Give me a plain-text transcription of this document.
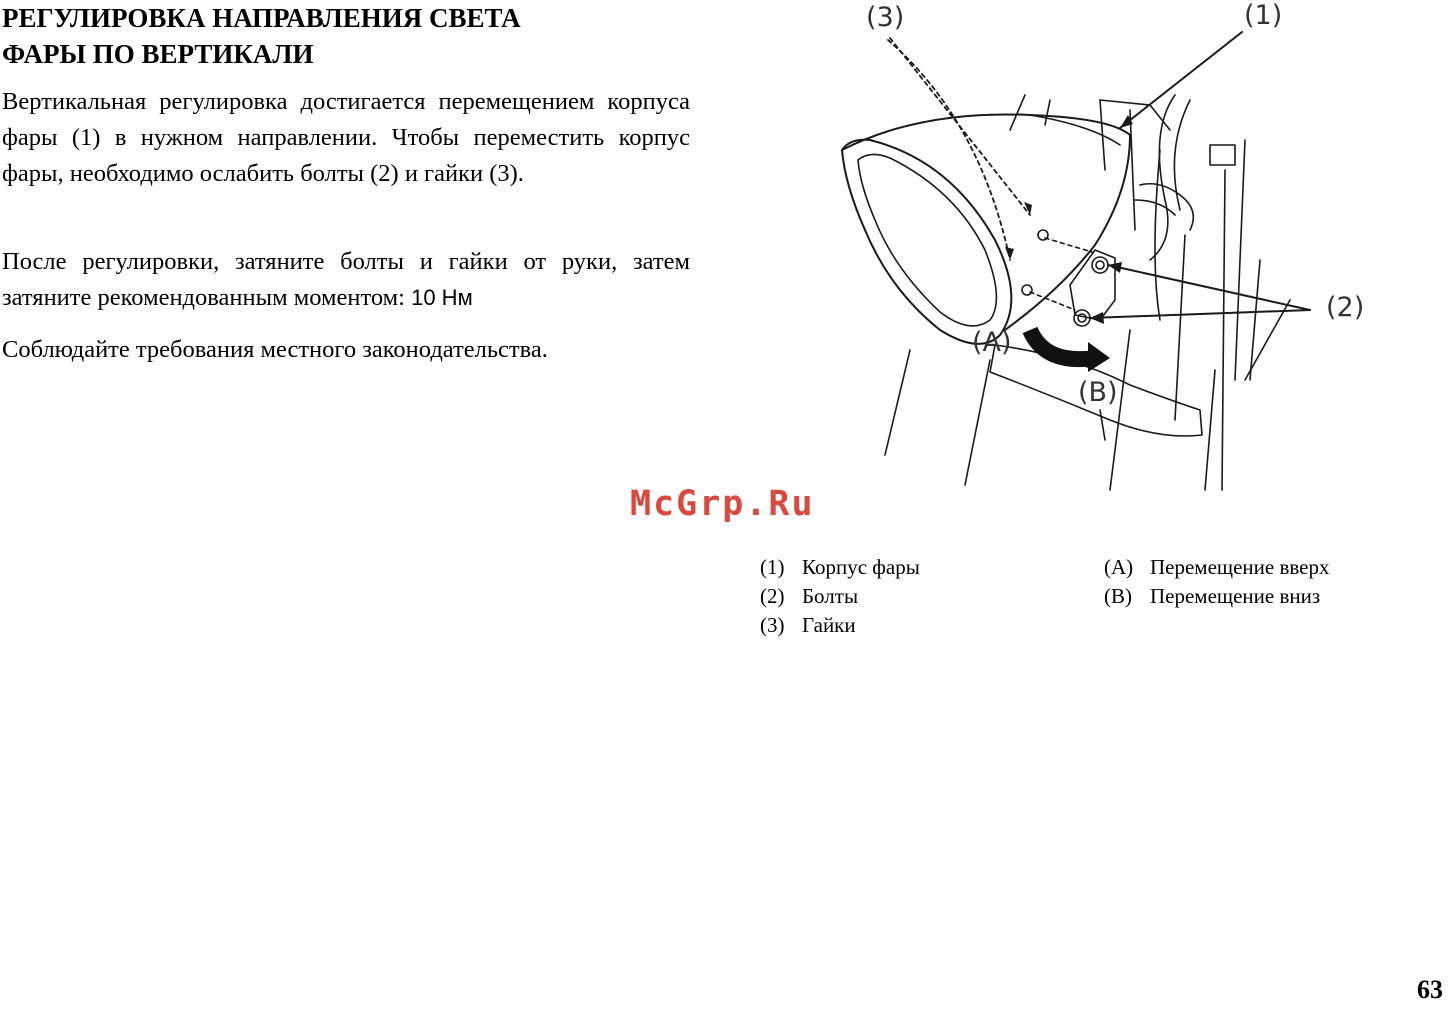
РЕГУЛИРОВКА НАПРАВЛЕНИЯ СВЕТА
ФАРЫ ПО ВЕРТИКАЛИ

Вертикальная регулировка достигается перемещением корпуса фары (1) в нужном направлении. Чтобы переместить корпус фары, необходимо ослабить болты (2) и гайки (3).

После регулировки, затяните болты и гайки от руки, затем затяните рекомендованным моментом: 10 Нм

Соблюдайте требования местного законодательства.

(3)	(1)
(2)
(A)
(B)
McGrp.Ru
(1) Корпус фары
(2) Болты
(3) Гайки
(A) Перемещение вверх
(B) Перемещение вниз
63
